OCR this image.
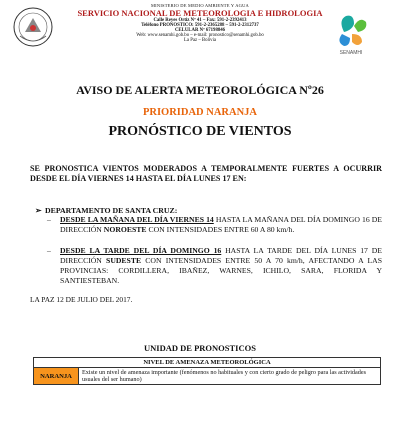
MINISTERIO DE MEDIO AMBIENTE Y AGUA
SERVICIO NACIONAL DE METEOROLOGIA E HIDROLOGIA
Calle Reyes Ortiz Nº 41 – Fax: 591-2-2392413
Teléfono PRONOSTICO: 591-2-2365288 – 591-2-2312737
CELULAR Nº 67198846
Web: www.senamhi.gob.bo – e-mail: pronostico@senamhi.gob.bo
La Paz – Bolivia
SENAMHI
AVISO DE ALERTA METEOROLÓGICA Nº26
PRIORIDAD NARANJA
PRONÓSTICO DE VIENTOS
SE PRONOSTICA VIENTOS MODERADOS A TEMPORALMENTE FUERTES A OCURRIR DESDE EL DÍA VIERNES 14 HASTA EL DÍA LUNES 17 EN:
➢ DEPARTAMENTO DE SANTA CRUZ:
– DESDE LA MAÑANA DEL DÍA VIERNES 14 HASTA LA MAÑANA DEL DÍA DOMINGO 16 DE DIRECCIÓN NOROESTE CON INTENSIDADES ENTRE 60 A 80 km/h.
– DESDE LA TARDE DEL DÍA DOMINGO 16 HASTA LA TARDE DEL DÍA LUNES 17 DE DIRECCIÓN SUDESTE CON INTENSIDADES ENTRE 50 A 70 km/h, AFECTANDO A LAS PROVINCIAS: CORDILLERA, IBAÑEZ, WARNES, ICHILO, SARA, FLORIDA Y SANTIESTEBAN.
LA PAZ 12 DE JULIO DEL 2017.
UNIDAD DE PRONOSTICOS
NIVEL DE AMENAZA METEOROLÓGICA
NARANJA	Existe un nivel de amenaza importante (fenómenos no habituales y con cierto grado de peligro para las actividades usuales del ser humano)
